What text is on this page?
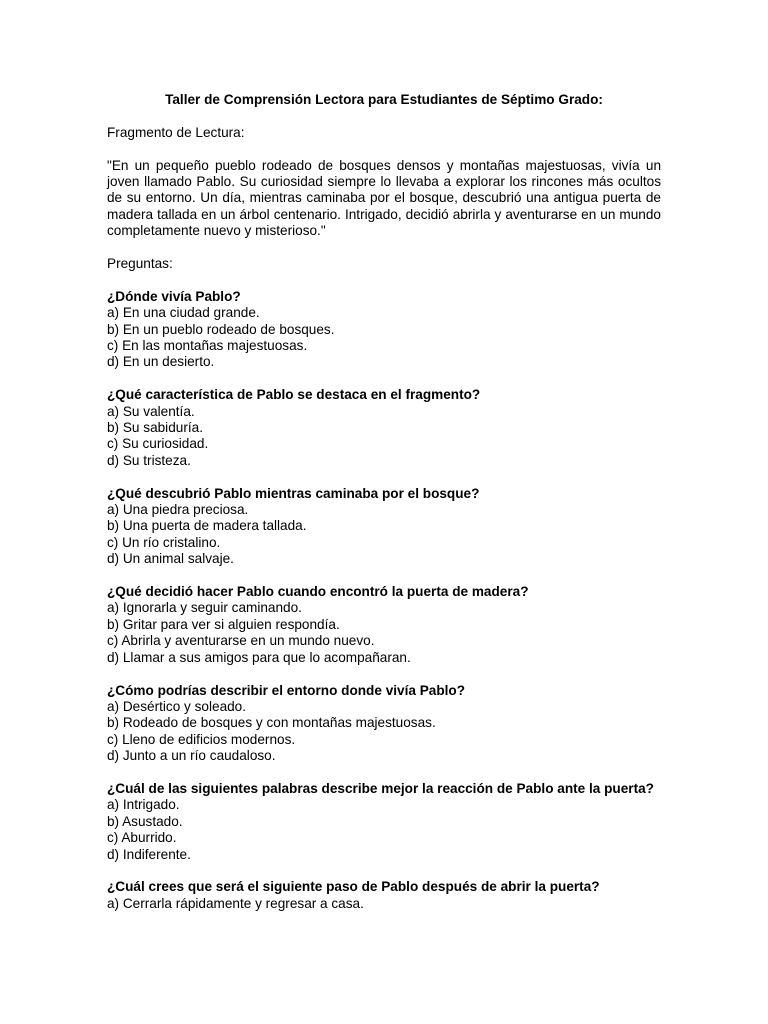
Taller de Comprensión Lectora para Estudiantes de Séptimo Grado:
Fragmento de Lectura:
"En un pequeño pueblo rodeado de bosques densos y montañas majestuosas, vivía un joven llamado Pablo. Su curiosidad siempre lo llevaba a explorar los rincones más ocultos de su entorno. Un día, mientras caminaba por el bosque, descubrió una antigua puerta de madera tallada en un árbol centenario. Intrigado, decidió abrirla y aventurarse en un mundo completamente nuevo y misterioso."
Preguntas:
¿Dónde vivía Pablo?
a) En una ciudad grande.
b) En un pueblo rodeado de bosques.
c) En las montañas majestuosas.
d) En un desierto.
¿Qué característica de Pablo se destaca en el fragmento?
a) Su valentía.
b) Su sabiduría.
c) Su curiosidad.
d) Su tristeza.
¿Qué descubrió Pablo mientras caminaba por el bosque?
a) Una piedra preciosa.
b) Una puerta de madera tallada.
c) Un río cristalino.
d) Un animal salvaje.
¿Qué decidió hacer Pablo cuando encontró la puerta de madera?
a) Ignorarla y seguir caminando.
b) Gritar para ver si alguien respondía.
c) Abrirla y aventurarse en un mundo nuevo.
d) Llamar a sus amigos para que lo acompañaran.
¿Cómo podrías describir el entorno donde vivía Pablo?
a) Desértico y soleado.
b) Rodeado de bosques y con montañas majestuosas.
c) Lleno de edificios modernos.
d) Junto a un río caudaloso.
¿Cuál de las siguientes palabras describe mejor la reacción de Pablo ante la puerta?
a) Intrigado.
b) Asustado.
c) Aburrido.
d) Indiferente.
¿Cuál crees que será el siguiente paso de Pablo después de abrir la puerta?
a) Cerrarla rápidamente y regresar a casa.
